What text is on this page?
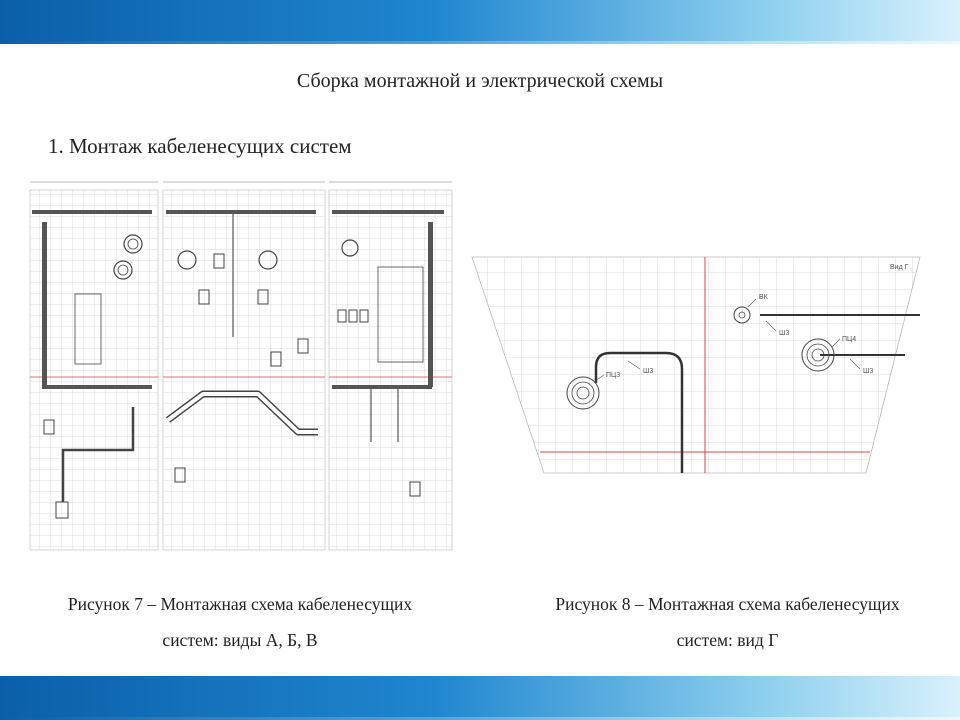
Сборка монтажной и электрической схемы
1. Монтаж кабеленесущих систем
Вид Г
ВК
Ш3
ПЦ4
Ш3
Ш3
ПЦ3
Рисунок 7 – Монтажная схема кабеленесущих
систем: виды А, Б, В
Рисунок 8 – Монтажная схема кабеленесущих
систем: вид Г
